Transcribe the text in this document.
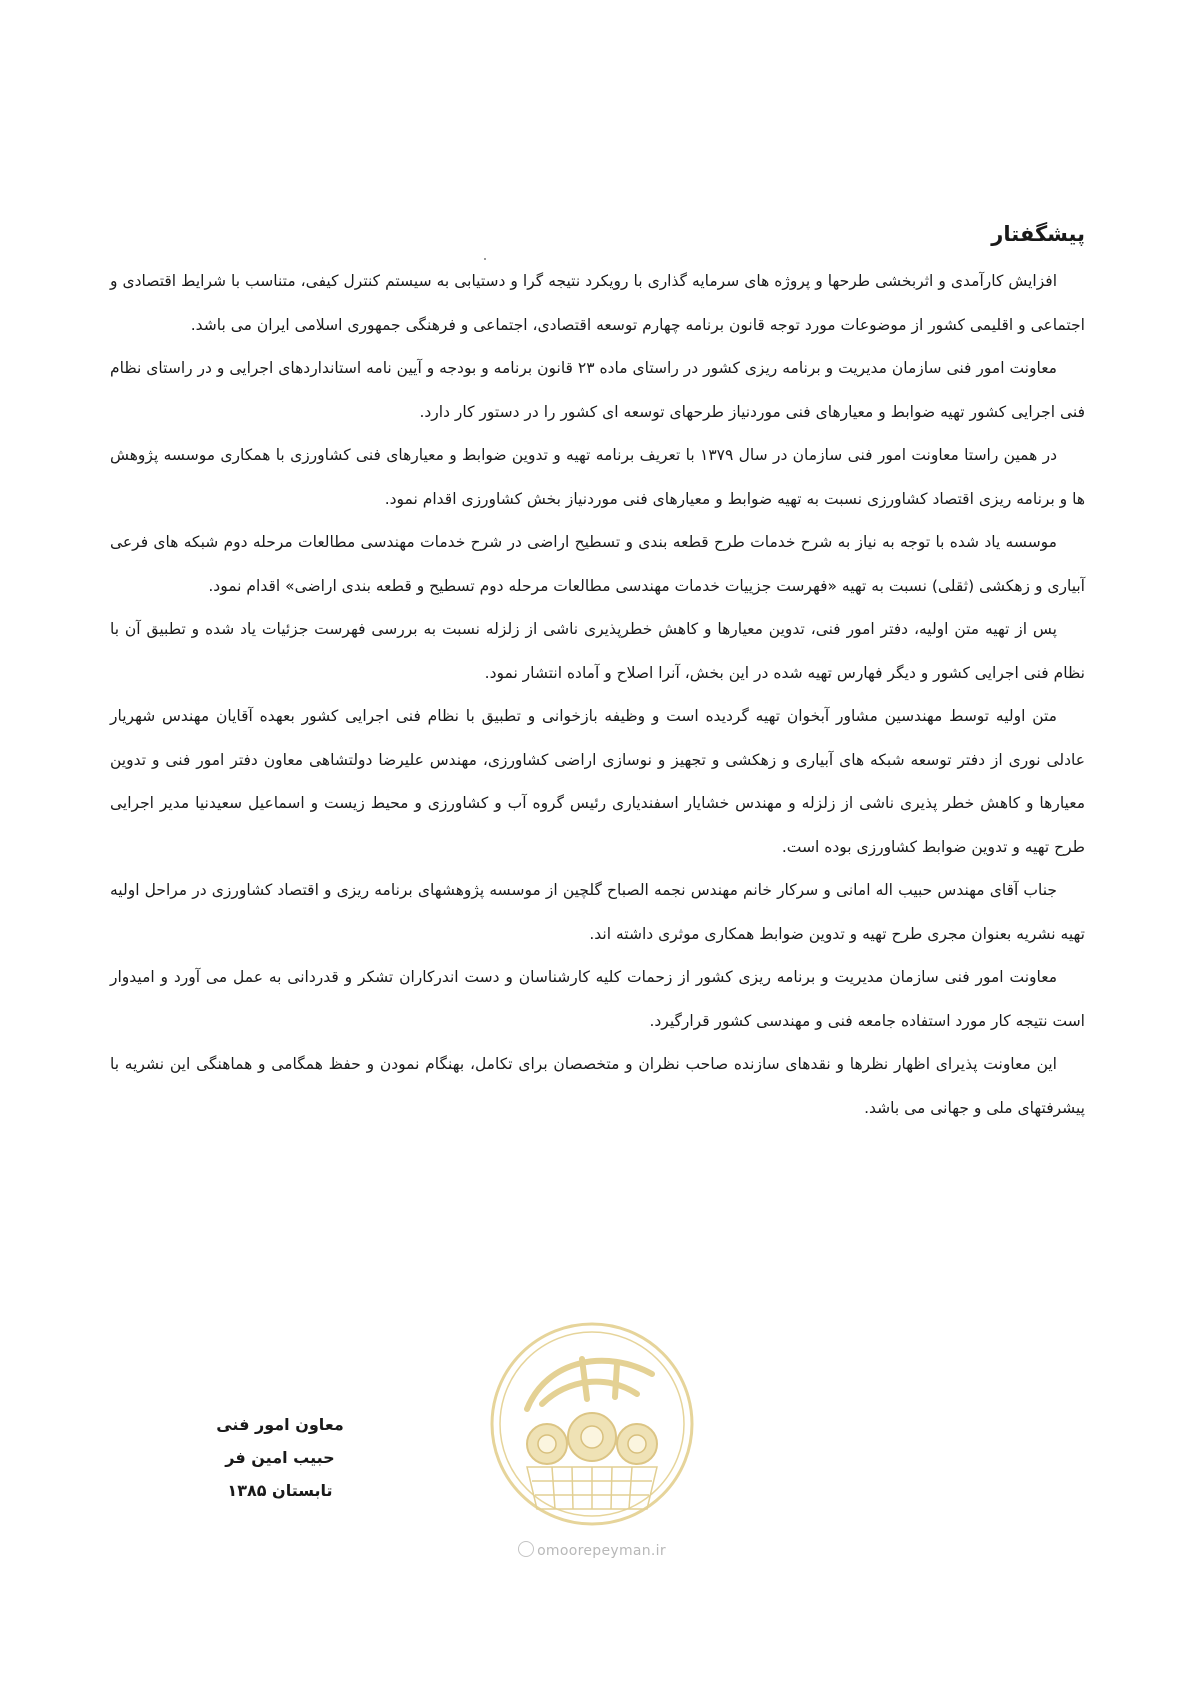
پیشگفتار

افزایش کارآمدی و اثربخشی طرحها و پروژه های سرمایه گذاری با رویکرد نتیجه گرا و دستیابی به سیستم کنترل کیفی، متناسب با شرایط اقتصادی و اجتماعی و اقلیمی کشور از موضوعات مورد توجه قانون برنامه چهارم توسعه اقتصادی، اجتماعی و فرهنگی جمهوری اسلامی ایران می باشد.

معاونت امور فنی سازمان مدیریت و برنامه ریزی کشور در راستای ماده ۲۳ قانون برنامه و بودجه و آیین نامه استانداردهای اجرایی و در راستای نظام فنی اجرایی کشور تهیه ضوابط و معیارهای فنی موردنیاز طرحهای توسعه ای کشور را در دستور کار دارد.

در همین راستا معاونت امور فنی سازمان در سال ۱۳۷۹ با تعریف برنامه تهیه و تدوین ضوابط و معیارهای فنی کشاورزی با همکاری موسسه پژوهش ها و برنامه ریزی اقتصاد کشاورزی نسبت به تهیه ضوابط و معیارهای فنی موردنیاز بخش کشاورزی اقدام نمود.

موسسه یاد شده با توجه به نیاز به شرح خدمات طرح قطعه بندی و تسطیح اراضی در شرح خدمات مهندسی مطالعات مرحله دوم شبکه های فرعی آبیاری و زهکشی (ثقلی) نسبت به تهیه «فهرست جزییات خدمات مهندسی مطالعات مرحله دوم تسطیح و قطعه بندی اراضی» اقدام نمود.

پس از تهیه متن اولیه، دفتر امور فنی، تدوین معیارها و کاهش خطرپذیری ناشی از زلزله نسبت به بررسی فهرست جزئیات یاد شده و تطبیق آن با نظام فنی اجرایی کشور و دیگر فهارس تهیه شده در این بخش، آنرا اصلاح و آماده انتشار نمود.

متن اولیه توسط مهندسین مشاور آبخوان تهیه گردیده است و وظیفه بازخوانی و تطبیق با نظام فنی اجرایی کشور بعهده آقایان مهندس شهریار عادلی نوری از دفتر توسعه شبکه های آبیاری و زهکشی و تجهیز و نوسازی اراضی کشاورزی، مهندس علیرضا دولتشاهی معاون دفتر امور فنی و تدوین معیارها و کاهش خطر پذیری ناشی از زلزله و مهندس خشایار اسفندیاری رئیس گروه آب و کشاورزی و محیط زیست و اسماعیل سعیدنیا مدیر اجرایی طرح تهیه و تدوین ضوابط کشاورزی بوده است.

جناب آقای مهندس حبیب اله امانی و سرکار خانم مهندس نجمه الصباح گلچین از موسسه پژوهشهای برنامه ریزی و اقتصاد کشاورزی در مراحل اولیه تهیه نشریه بعنوان مجری طرح تهیه و تدوین ضوابط همکاری موثری داشته اند.

معاونت امور فنی سازمان مدیریت و برنامه ریزی کشور از زحمات کلیه کارشناسان و دست اندرکاران تشکر و قدردانی به عمل می آورد و امیدوار است نتیجه کار مورد استفاده جامعه فنی و مهندسی کشور قرارگیرد.

این معاونت پذیرای اظهار نظرها و نقدهای سازنده صاحب نظران و متخصصان برای تکامل، بهنگام نمودن و حفظ همگامی و هماهنگی این نشریه با پیشرفتهای ملی و جهانی می باشد.

معاون امور فنی
حبیب امین فر
تابستان ۱۳۸۵
omoorepeyman.ir
